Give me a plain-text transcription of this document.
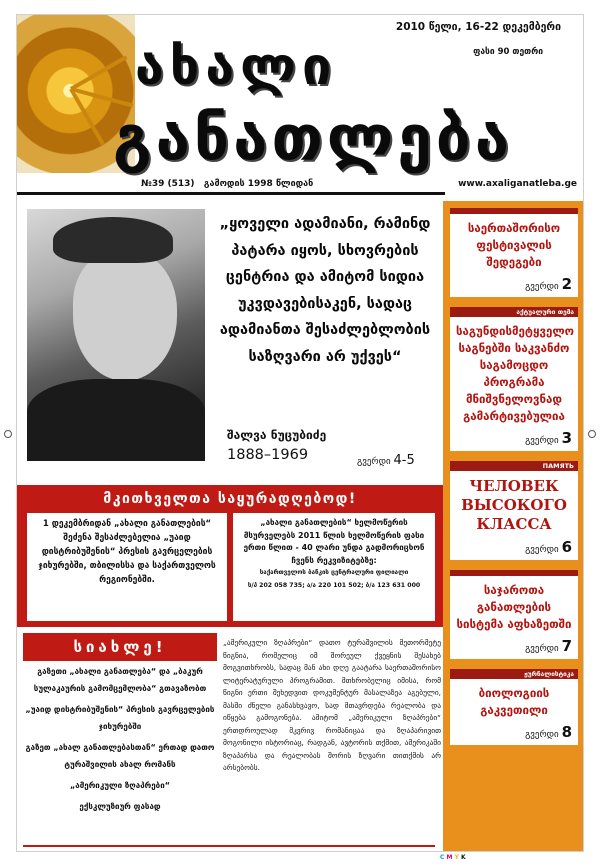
2010 წელი, 16-22 დეკემბერი
ფასი 90 თეთრი
ახალი
განათლება
№39 (513) გამოდის 1998 წლიდან	www.axaliganatleba.ge
„ყოველი ადამიანი, რამინდ პატარა იყოს, სხოვრების ცენტრია და ამიტომ სიდია უკვდავებისაკენ, სადაც ადამიანთა შესაძლებლობის საზღვარი არ უქვეს“
შალვა ნუცუბიძე
1888–1969	გვერდი 4-5
მკითხველთა საყურადღებოდ!
1 დეკემბრიდან „ახალი განათლების“ შეძენა შესაძლებელია „უაიდ დისტრიბუშენის“ პრესის გავრცელების ჯიხურებში, თბილისსა და საქართველოს რეგიონებში.
„ახალი განათლების“ ხელმოწერის მსურველებს 2011 წლის ხელმოწერის ფასი ერთი წლით - 40 ლარი უნდა გადმორიცხონ ჩვენს რეკვიზიტებზე:
საქართველოს ბანკის ცენტრალური ფილიალი
ს/პ 202 058 735; ა/ა 220 101 502; ბ/ა 123 631 000
სიახლე!
გაზეთი „ახალი განათლება“ და „ბაკურ სულაკაურის გამომცემლობა“ გთავაზობთ
„უაიდ დისტრიბუშენის“ პრესის გავრცელების ჯიხურებში
გაზეთ „ახალ განათლებასთან“ ერთად დათო ტურაშვილის ახალ რომანს
„ამერიკული ზღაპრები“
ექსკლუზიურ ფასად
„ამერიკული ზღაპრები“ დათო ტურაშვილის მეთორმეტე წიგნია, რომელიც იმ შორეულ ქვეყნის შესახებ მოგვითხრობს, სადაც მან ახი დღე გაატარა საერთაშორისო ლიტერატურული პროგრამით. მთხრობელიც იმისა, რომ წიგნი ერთი შეხედვით დოკუმენტურ მასალაზეა აგებული, მასში ძნელი განასხვავო, სად მთავრდება რეალობა და იწყება გამოგონება. ამიტომ „ამერიკული ზღაპრები“ ერთდროულად მკვრივ რომანიცაა და ზღაპარივით მოგონილი ისტორიაც, რადგან, ავტორის თქმით, ამერიკაში ზღაპარსა და რეალობას შორის ზღვარი თითქმის არ არსებობს.
საერთაშორისო ფესტივალის შედეგები
გვერდი 2
აქტუალური თემა
საგუნდისმეტყველო საგნებში საკვანძო საგამოცდო პროგრამა მნიშვნელოვნად გამარტივებულია
გვერდი 3
ПАМЯТЬ
ЧЕЛОВЕК ВЫСОКОГО КЛАССА
გვერდი 6
საჯაროთა განათლების სისტემა აფხაზეთში
გვერდი 7
ჟურნალისტიკა
ბიოლოგიის გაკვეთილი
გვერდი 8
C M Y K
